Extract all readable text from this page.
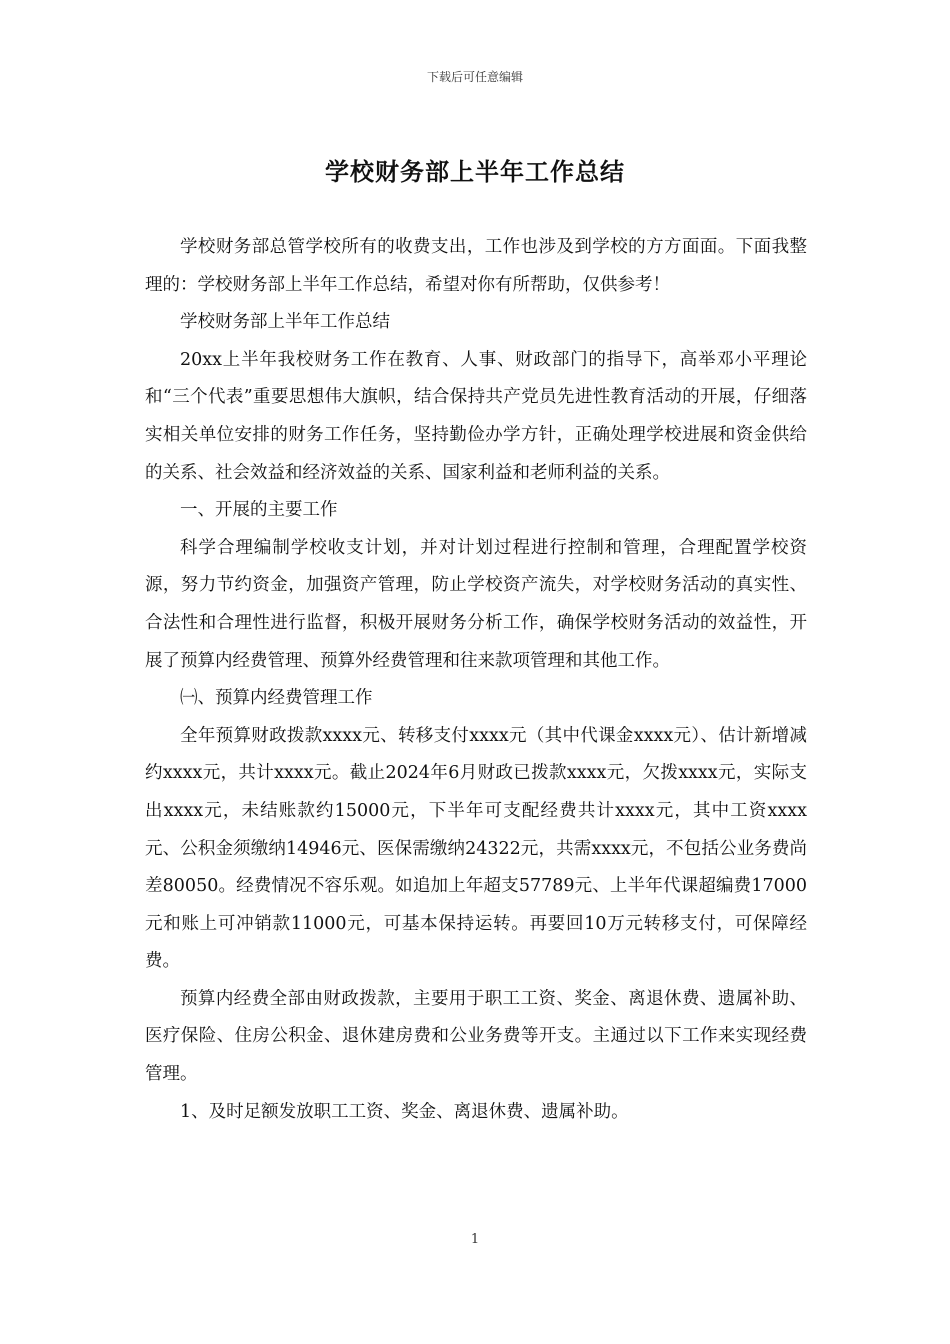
下载后可任意编辑
学校财务部上半年工作总结

学校财务部总管学校所有的收费支出，工作也涉及到学校的方方面面。下面我整理的：学校财务部上半年工作总结，希望对你有所帮助，仅供参考！

学校财务部上半年工作总结

20xx上半年我校财务工作在教育、人事、财政部门的指导下，高举邓小平理论和“三个代表”重要思想伟大旗帜，结合保持共产党员先进性教育活动的开展，仔细落实相关单位安排的财务工作任务，坚持勤俭办学方针，正确处理学校进展和资金供给的关系、社会效益和经济效益的关系、国家利益和老师利益的关系。

一、开展的主要工作

科学合理编制学校收支计划，并对计划过程进行控制和管理，合理配置学校资源，努力节约资金，加强资产管理，防止学校资产流失，对学校财务活动的真实性、合法性和合理性进行监督，积极开展财务分析工作，确保学校财务活动的效益性，开展了预算内经费管理、预算外经费管理和往来款项管理和其他工作。

㈠、预算内经费管理工作

全年预算财政拨款xxxx元、转移支付xxxx元（其中代课金xxxx元）、估计新增减约xxxx元，共计xxxx元。截止2024年6月财政已拨款xxxx元，欠拨xxxx元，实际支出xxxx元，未结账款约15000元，下半年可支配经费共计xxxx元，其中工资xxxx元、公积金须缴纳14946元、医保需缴纳24322元，共需xxxx元，不包括公业务费尚差80050。经费情况不容乐观。如追加上年超支57789元、上半年代课超编费17000元和账上可冲销款11000元，可基本保持运转。再要回10万元转移支付，可保障经费。

预算内经费全部由财政拨款，主要用于职工工资、奖金、离退休费、遗属补助、医疗保险、住房公积金、退休建房费和公业务费等开支。主通过以下工作来实现经费管理。

1、及时足额发放职工工资、奖金、离退休费、遗属补助。

1
